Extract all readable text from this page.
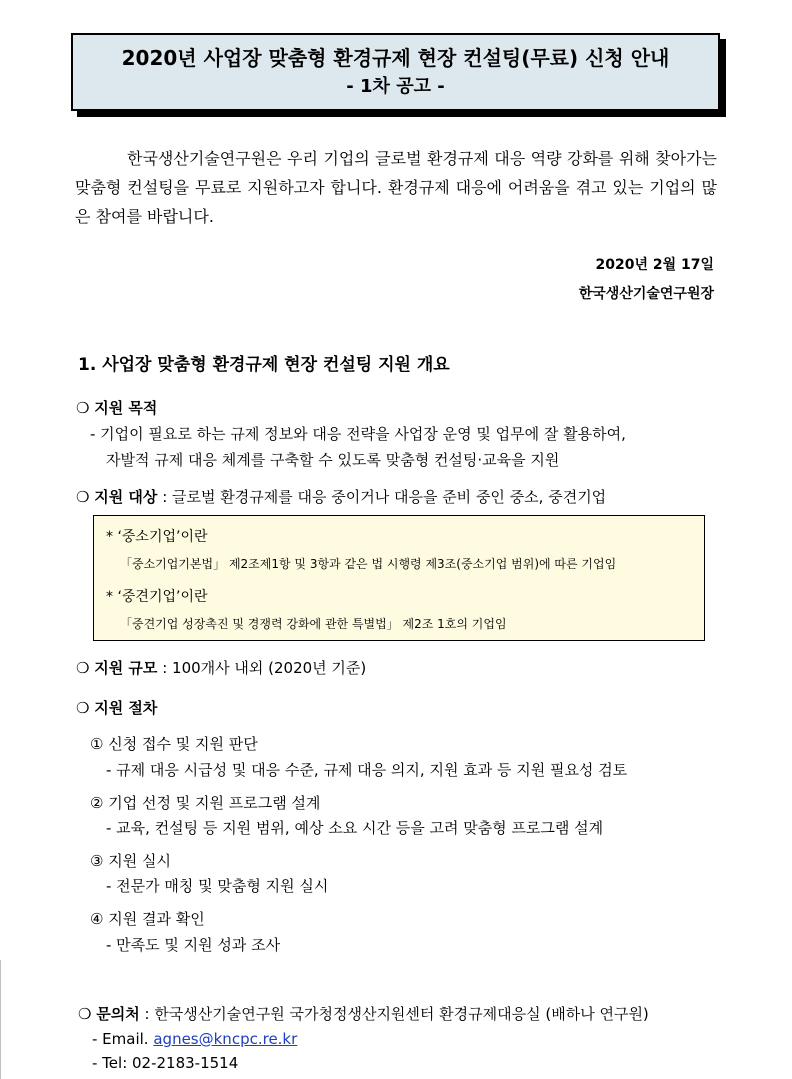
2020년 사업장 맞춤형 환경규제 현장 컨설팅(무료) 신청 안내
- 1차 공고 -

한국생산기술연구원은 우리 기업의 글로벌 환경규제 대응 역량 강화를 위해 찾아가는 맞춤형 컨설팅을 무료로 지원하고자 합니다. 환경규제 대응에 어려움을 겪고 있는 기업의 많은 참여를 바랍니다.

2020년 2월 17일
한국생산기술연구원장
1. 사업장 맞춤형 환경규제 현장 컨설팅 지원 개요
❍ 지원 목적
- 기업이 필요로 하는 규제 정보와 대응 전략을 사업장 운영 및 업무에 잘 활용하여,
자발적 규제 대응 체계를 구축할 수 있도록 맞춤형 컨설팅·교육을 지원
❍ 지원 대상 : 글로벌 환경규제를 대응 중이거나 대응을 준비 중인 중소, 중견기업
* ‘중소기업’이란
「중소기업기본법」 제2조제1항 및 3항과 같은 법 시행령 제3조(중소기업 범위)에 따른 기업임
* ‘중견기업’이란
「중견기업 성장촉진 및 경쟁력 강화에 관한 특별법」 제2조 1호의 기업임
❍ 지원 규모 : 100개사 내외 (2020년 기준)
❍ 지원 절차
① 신청 접수 및 지원 판단
- 규제 대응 시급성 및 대응 수준, 규제 대응 의지, 지원 효과 등 지원 필요성 검토
② 기업 선정 및 지원 프로그램 설계
- 교육, 컨설팅 등 지원 범위, 예상 소요 시간 등을 고려 맞춤형 프로그램 설계
③ 지원 실시
- 전문가 매칭 및 맞춤형 지원 실시
④ 지원 결과 확인
- 만족도 및 지원 성과 조사
❍ 문의처 : 한국생산기술연구원 국가청정생산지원센터 환경규제대응실 (배하나 연구원)
- Email. agnes@kncpc.re.kr
- Tel: 02-2183-1514
